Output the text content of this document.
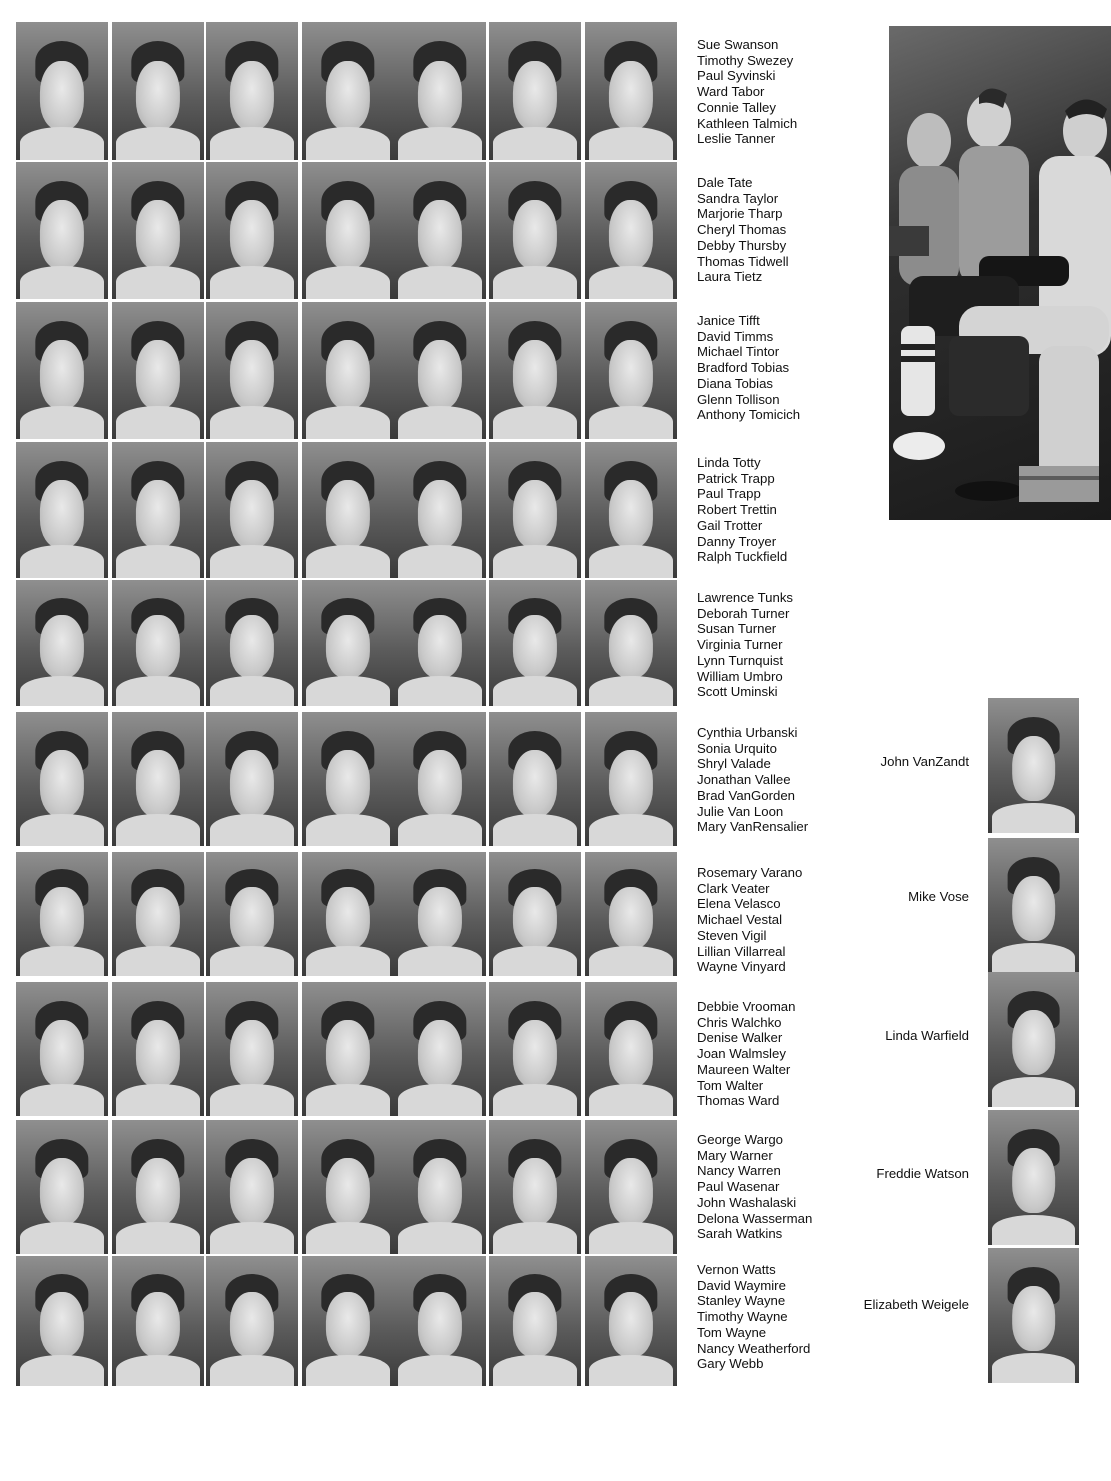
Sue Swanson
Timothy Swezey
Paul Syvinski
Ward Tabor
Connie Talley
Kathleen Talmich
Leslie Tanner
Dale Tate
Sandra Taylor
Marjorie Tharp
Cheryl Thomas
Debby Thursby
Thomas Tidwell
Laura Tietz
Janice Tifft
David Timms
Michael Tintor
Bradford Tobias
Diana Tobias
Glenn Tollison
Anthony Tomicich
Linda Totty
Patrick Trapp
Paul Trapp
Robert Trettin
Gail Trotter
Danny Troyer
Ralph Tuckfield
Lawrence Tunks
Deborah Turner
Susan Turner
Virginia Turner
Lynn Turnquist
William Umbro
Scott Uminski
Cynthia Urbanski
Sonia Urquito
Shryl Valade
Jonathan Vallee
Brad VanGorden
Julie Van Loon
Mary VanRensalier
Rosemary Varano
Clark Veater
Elena Velasco
Michael Vestal
Steven Vigil
Lillian Villarreal
Wayne Vinyard
Debbie Vrooman
Chris Walchko
Denise Walker
Joan Walmsley
Maureen Walter
Tom Walter
Thomas Ward
George Wargo
Mary Warner
Nancy Warren
Paul Wasenar
John Washalaski
Delona Wasserman
Sarah Watkins
Vernon Watts
David Waymire
Stanley Wayne
Timothy Wayne
Tom Wayne
Nancy Weatherford
Gary Webb
John VanZandt
Mike Vose
Linda Warfield
Freddie Watson
Elizabeth Weigele
